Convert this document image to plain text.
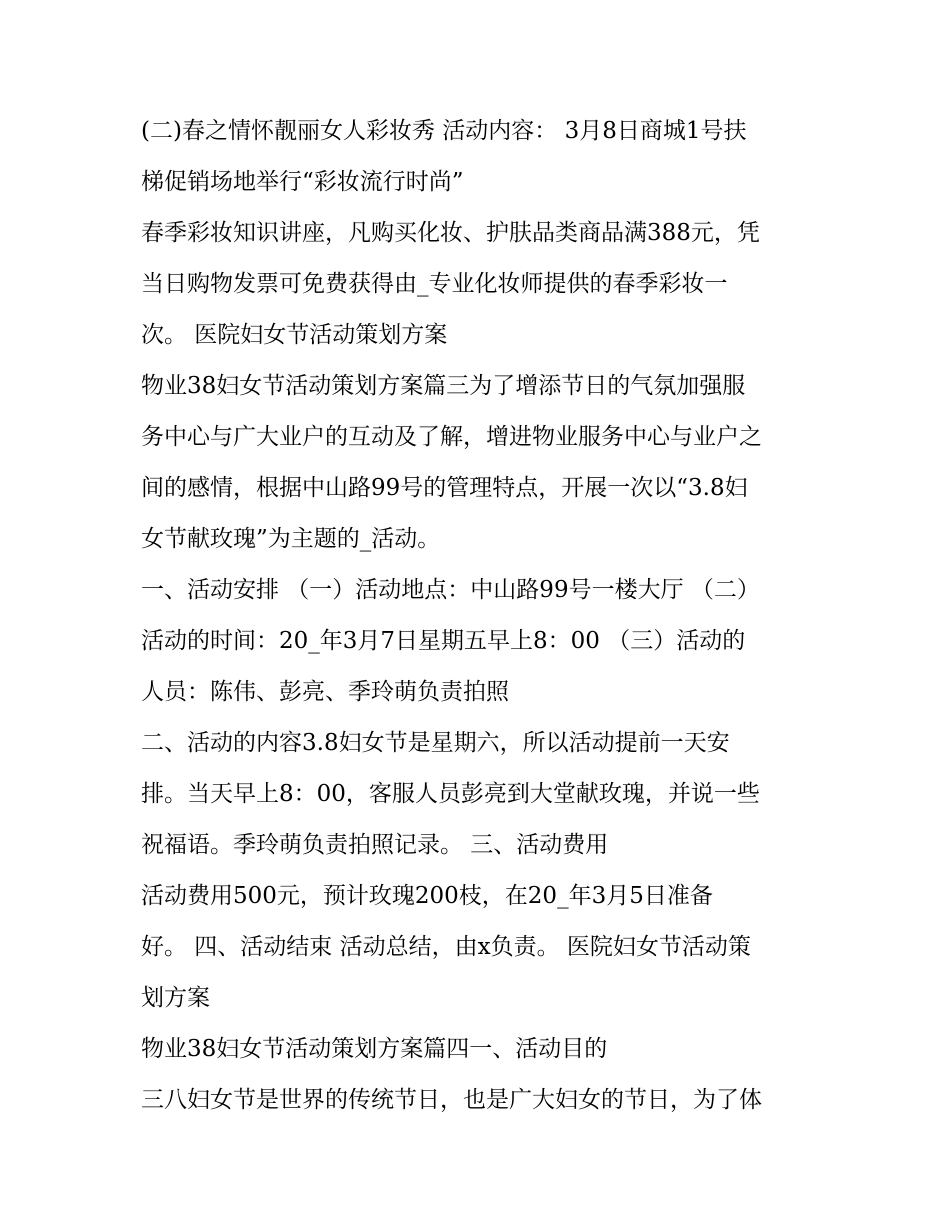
(二)春之情怀靓丽女人彩妆秀 活动内容： 3月8日商城1号扶
梯促销场地举行“彩妆流行时尚”
春季彩妆知识讲座，凡购买化妆、护肤品类商品满388元，凭
当日购物发票可免费获得由_专业化妆师提供的春季彩妆一
次。 医院妇女节活动策划方案
物业38妇女节活动策划方案篇三为了增添节日的气氛加强服
务中心与广大业户的互动及了解，增进物业服务中心与业户之
间的感情，根据中山路99号的管理特点，开展一次以“3.8妇
女节献玫瑰”为主题的_活动。
一、活动安排 （一）活动地点：中山路99号一楼大厅 （二）
活动的时间：20_年3月7日星期五早上8：00 （三）活动的
人员：陈伟、彭亮、季玲萌负责拍照
二、活动的内容3.8妇女节是星期六，所以活动提前一天安
排。当天早上8：00，客服人员彭亮到大堂献玫瑰，并说一些
祝福语。季玲萌负责拍照记录。 三、活动费用
活动费用500元，预计玫瑰200枝，在20_年3月5日准备
好。 四、活动结束 活动总结，由x负责。 医院妇女节活动策
划方案
物业38妇女节活动策划方案篇四一、活动目的
三八妇女节是世界的传统节日，也是广大妇女的节日，为了体
